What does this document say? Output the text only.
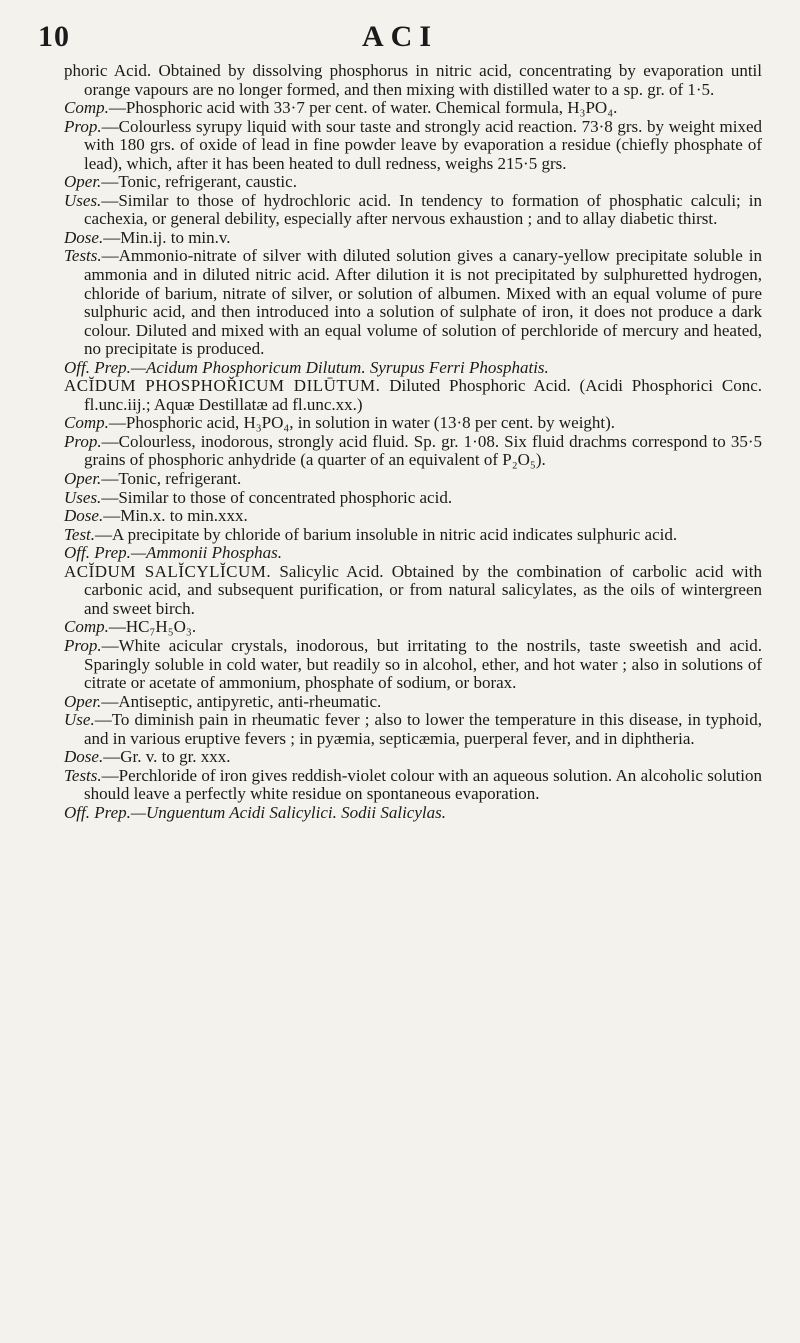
10	ACI

phoric Acid. Obtained by dissolving phosphorus in nitric acid, concentrating by evaporation until orange vapours are no longer formed, and then mixing with distilled water to a sp. gr. of 1·5.

Comp.—Phosphoric acid with 33·7 per cent. of water. Chemical formula, H₃PO₄.

Prop.—Colourless syrupy liquid with sour taste and strongly acid reaction. 73·8 grs. by weight mixed with 180 grs. of oxide of lead in fine powder leave by evaporation a residue (chiefly phosphate of lead), which, after it has been heated to dull redness, weighs 215·5 grs.

Oper.—Tonic, refrigerant, caustic.

Uses.—Similar to those of hydrochloric acid. In tendency to formation of phosphatic calculi; in cachexia, or general debility, especially after nervous exhaustion ; and to allay diabetic thirst.

Dose.—Min.ij. to min.v.

Tests.—Ammonio-nitrate of silver with diluted solution gives a canary-yellow precipitate soluble in ammonia and in diluted nitric acid. After dilution it is not precipitated by sulphuretted hydrogen, chloride of barium, nitrate of silver, or solution of albumen. Mixed with an equal volume of pure sulphuric acid, and then introduced into a solution of sulphate of iron, it does not produce a dark colour. Diluted and mixed with an equal volume of solution of perchloride of mercury and heated, no precipitate is produced.

Off. Prep.—Acidum Phosphoricum Dilutum. Syrupus Ferri Phosphatis.

ACĬDUM PHOSPHOŘICUM DILŪTUM. Diluted Phosphoric Acid. (Acidi Phosphorici Conc. fl.unc.iij.; Aquæ Destillatæ ad fl.unc.xx.)

Comp.—Phosphoric acid, H₃PO₄, in solution in water (13·8 per cent. by weight).

Prop.—Colourless, inodorous, strongly acid fluid. Sp. gr. 1·08. Six fluid drachms correspond to 35·5 grains of phosphoric anhydride (a quarter of an equivalent of P₂O₅).

Oper.—Tonic, refrigerant.

Uses.—Similar to those of concentrated phosphoric acid.

Dose.—Min.x. to min.xxx.

Test.—A precipitate by chloride of barium insoluble in nitric acid indicates sulphuric acid.

Off. Prep.—Ammonii Phosphas.

ACĬDUM SALĬCYLĬCUM. Salicylic Acid. Obtained by the combination of carbolic acid with carbonic acid, and subsequent purification, or from natural salicylates, as the oils of wintergreen and sweet birch.

Comp.—HC₇H₅O₃.

Prop.—White acicular crystals, inodorous, but irritating to the nostrils, taste sweetish and acid. Sparingly soluble in cold water, but readily so in alcohol, ether, and hot water ; also in solutions of citrate or acetate of ammonium, phosphate of sodium, or borax.

Oper.—Antiseptic, antipyretic, anti-rheumatic.

Use.—To diminish pain in rheumatic fever ; also to lower the temperature in this disease, in typhoid, and in various eruptive fevers ; in pyæmia, septicæmia, puerperal fever, and in diphtheria.

Dose.—Gr. v. to gr. xxx.

Tests.—Perchloride of iron gives reddish-violet colour with an aqueous solution. An alcoholic solution should leave a perfectly white residue on spontaneous evaporation.

Off. Prep.—Unguentum Acidi Salicylici. Sodii Salicylas.
